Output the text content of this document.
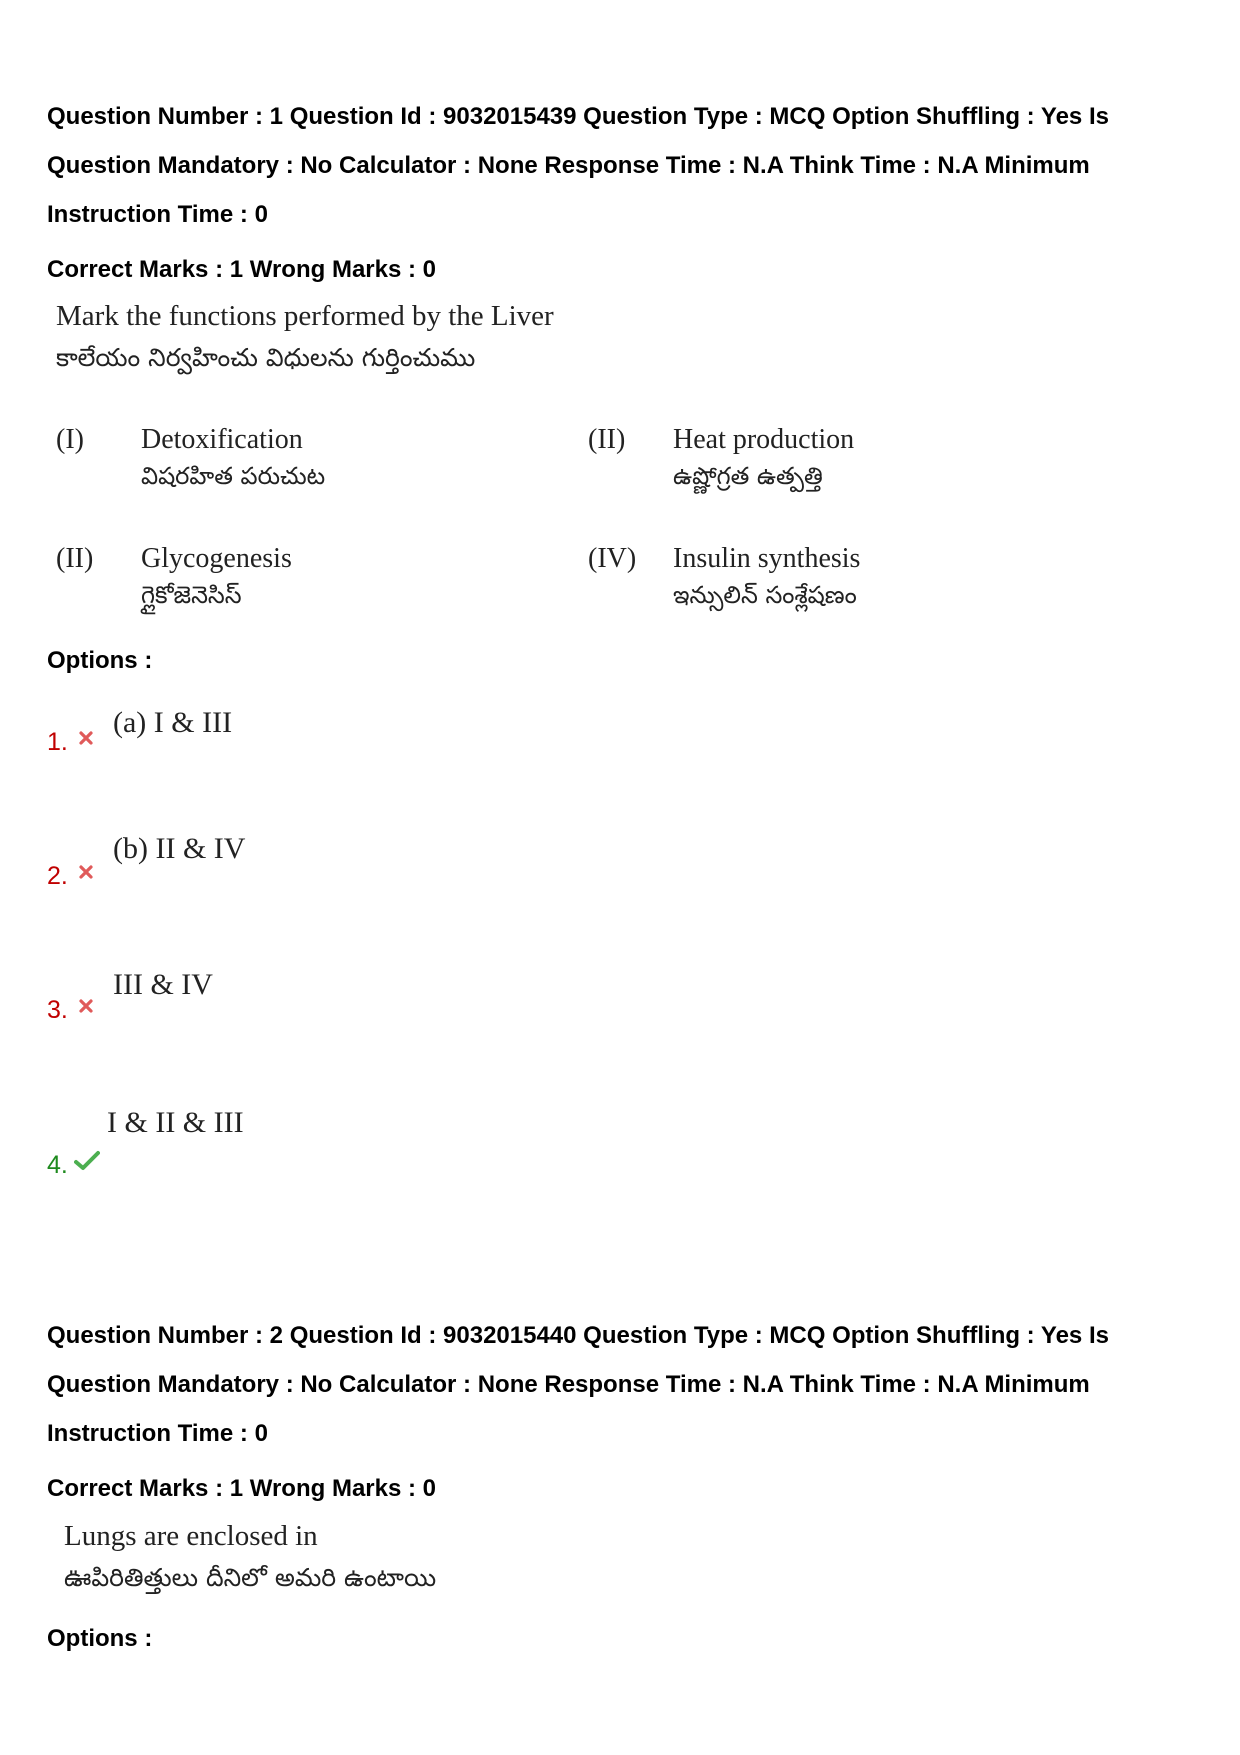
Question Number : 1 Question Id : 9032015439 Question Type : MCQ Option Shuffling : Yes Is Question Mandatory : No Calculator : None Response Time : N.A Think Time : N.A Minimum Instruction Time : 0
Correct Marks : 1 Wrong Marks : 0
Mark the functions performed by the Liver
కాలేయం నిర్వహించు విధులను గుర్తించుము
(I) Detoxification
విషరహిత పరుచుట
(II) Heat production
ఉష్ణోగ్రత ఉత్పత్తి
(II) Glycogenesis
గ్లైకోజెనెసిస్
(IV) Insulin synthesis
ఇన్సులిన్ సంశ్లేషణం
Options :
(a) I & III
1.
(b) II & IV
2.
III & IV
3.
I & II & III
4.
Question Number : 2 Question Id : 9032015440 Question Type : MCQ Option Shuffling : Yes Is Question Mandatory : No Calculator : None Response Time : N.A Think Time : N.A Minimum Instruction Time : 0
Correct Marks : 1 Wrong Marks : 0
Lungs are enclosed in
ఊపిరితిత్తులు దీనిలో అమరి ఉంటాయి
Options :
